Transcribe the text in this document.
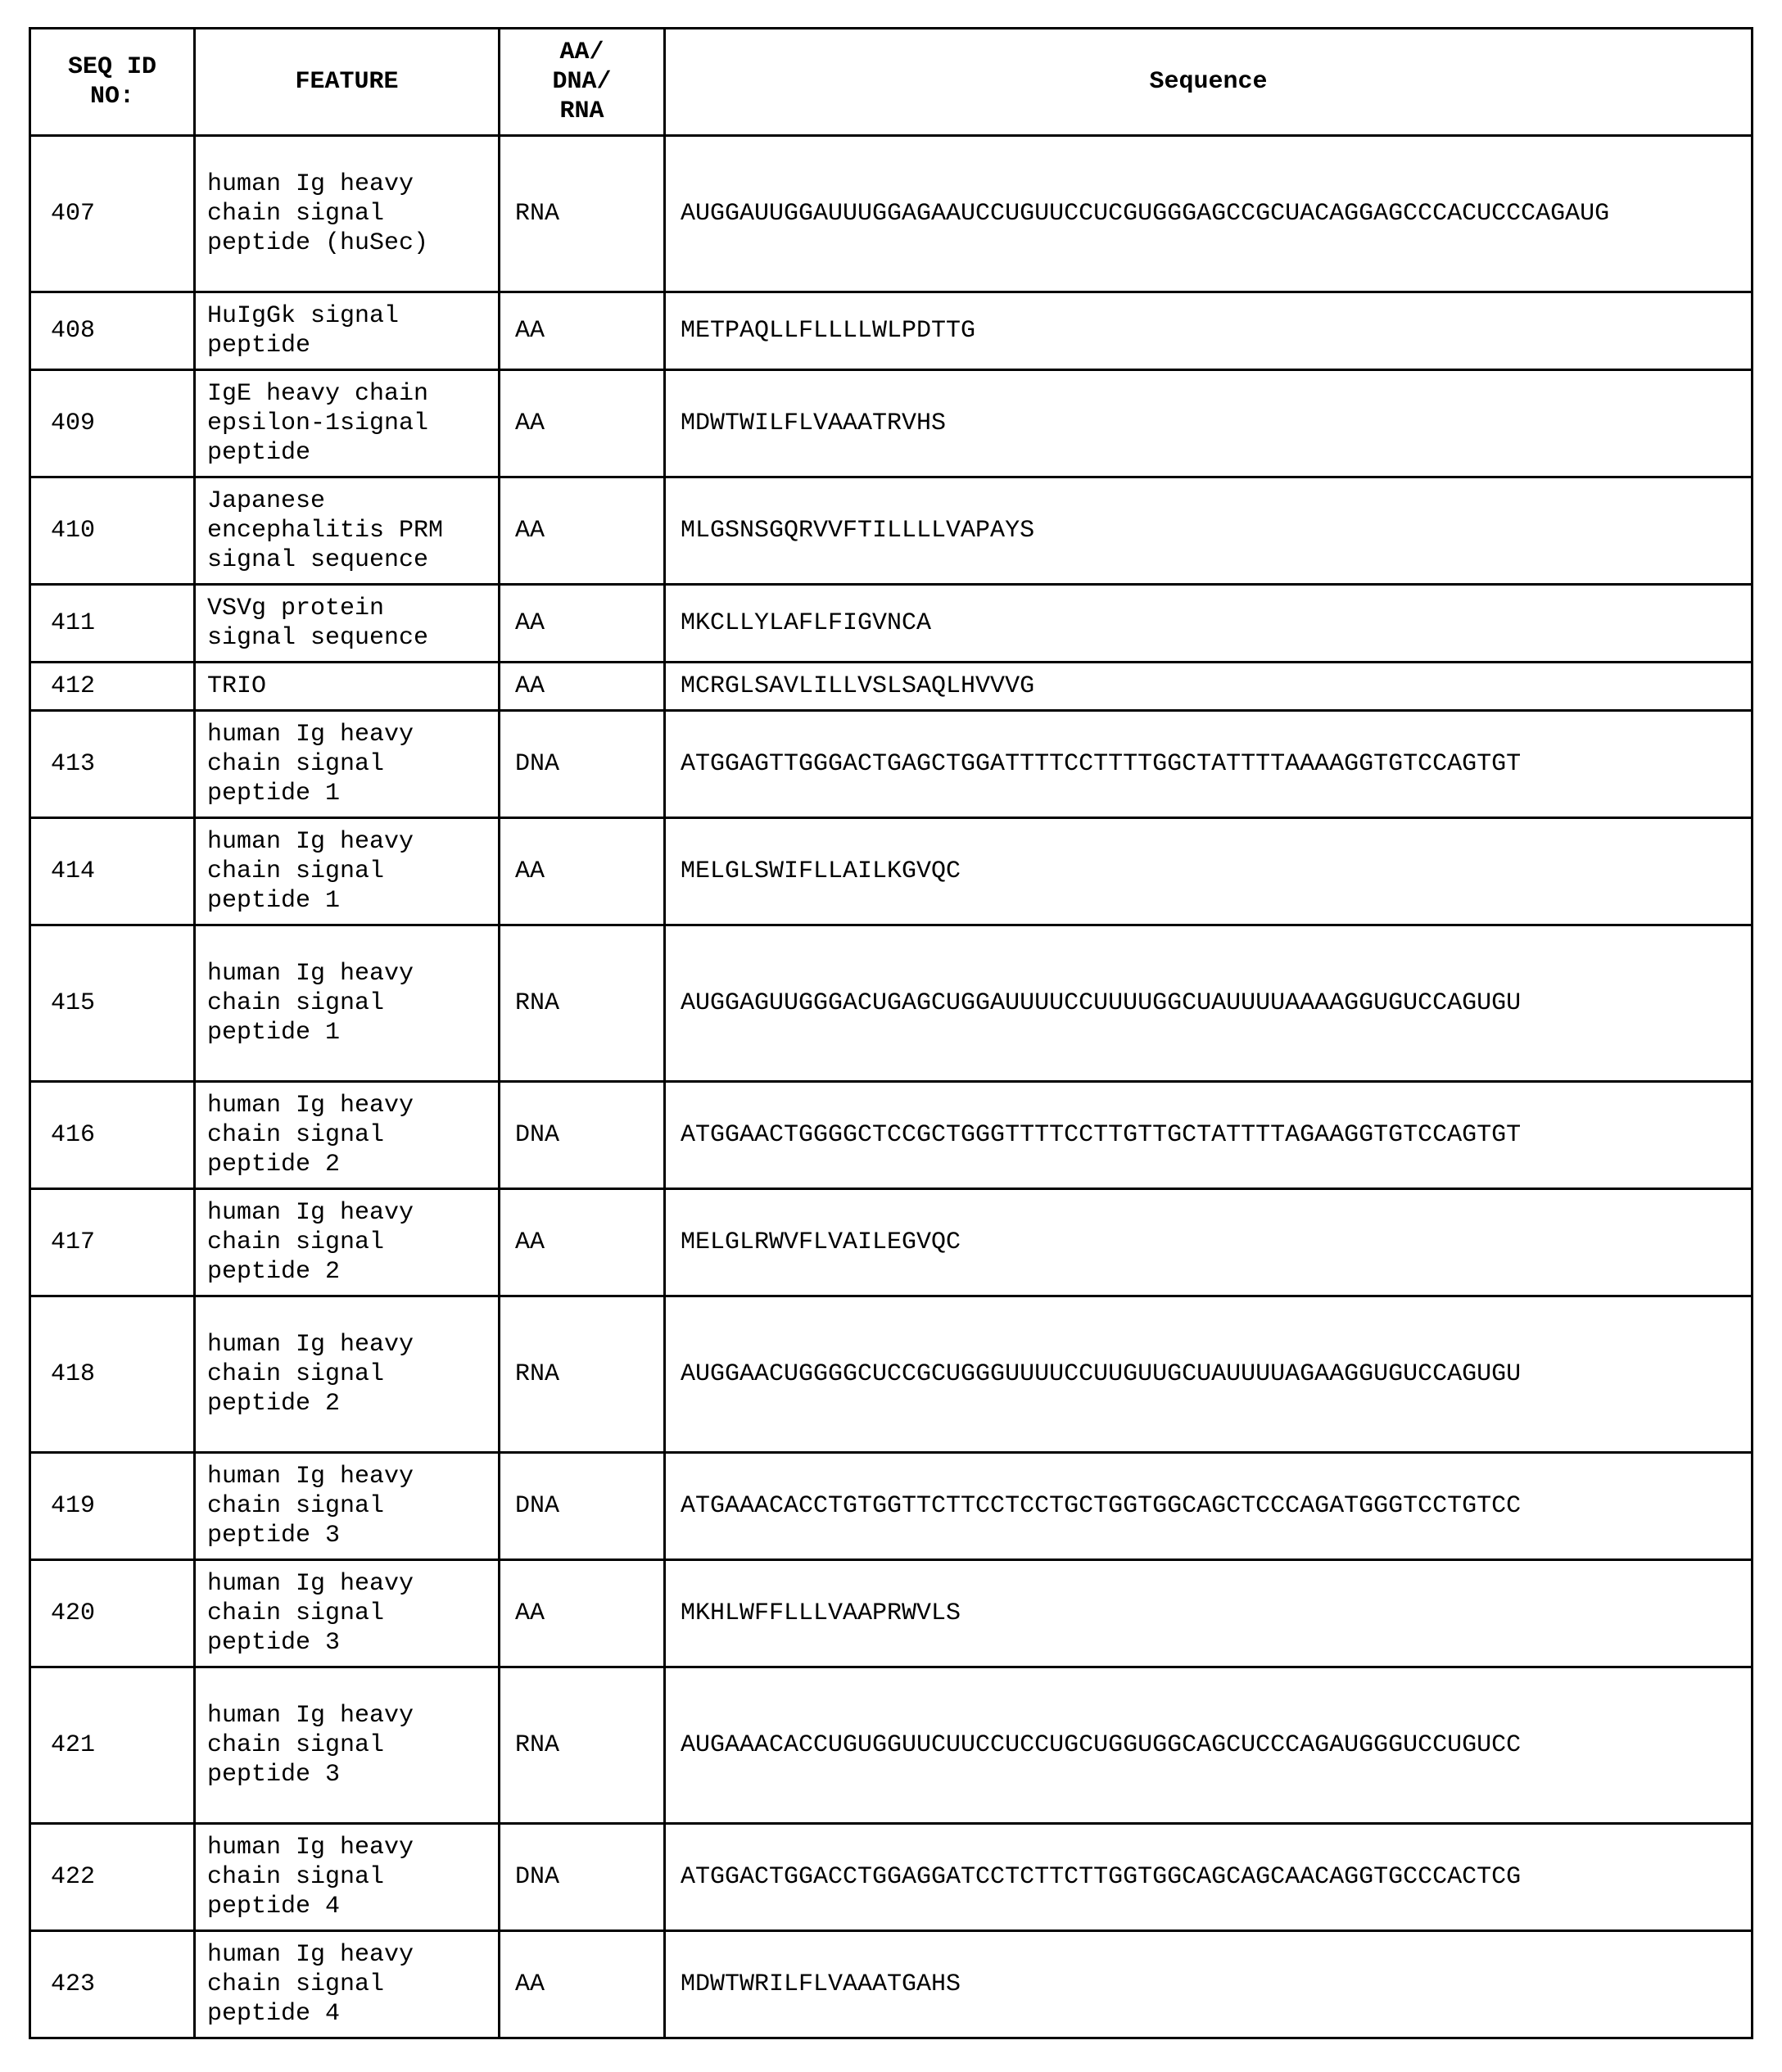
SEQ ID
NO:	FEATURE	AA/
DNA/
RNA	Sequence
407	human Ig heavy
chain signal
peptide (huSec)	RNA	AUGGAUUGGAUUUGGAGAAUCCUGUUCCUCGUGGGAGCCGCUACAGGAGCCCACUCCCAGAUG
408	HuIgGk signal
peptide	AA	METPAQLLFLLLLWLPDTTG
409	IgE heavy chain
epsilon-1signal
peptide	AA	MDWTWILFLVAAATRVHS
410	Japanese
encephalitis PRM
signal sequence	AA	MLGSNSGQRVVFTILLLLVAPAYS
411	VSVg protein
signal sequence	AA	MKCLLYLAFLFIGVNCA
412	TRIO	AA	MCRGLSAVLILLVSLSAQLHVVVG
413	human Ig heavy
chain signal
peptide 1	DNA	ATGGAGTTGGGACTGAGCTGGATTTTCCTTTTGGCTATTTTAAAAGGTGTCCAGTGT
414	human Ig heavy
chain signal
peptide 1	AA	MELGLSWIFLLAILKGVQC
415	human Ig heavy
chain signal
peptide 1	RNA	AUGGAGUUGGGACUGAGCUGGAUUUUCCUUUUGGCUAUUUUAAAAGGUGUCCAGUGU
416	human Ig heavy
chain signal
peptide 2	DNA	ATGGAACTGGGGCTCCGCTGGGTTTTCCTTGTTGCTATTTTAGAAGGTGTCCAGTGT
417	human Ig heavy
chain signal
peptide 2	AA	MELGLRWVFLVAILEGVQC
418	human Ig heavy
chain signal
peptide 2	RNA	AUGGAACUGGGGCUCCGCUGGGUUUUCCUUGUUGCUAUUUUAGAAGGUGUCCAGUGU
419	human Ig heavy
chain signal
peptide 3	DNA	ATGAAACACCTGTGGTTCTTCCTCCTGCTGGTGGCAGCTCCCAGATGGGTCCTGTCC
420	human Ig heavy
chain signal
peptide 3	AA	MKHLWFFLLLVAAPRWVLS
421	human Ig heavy
chain signal
peptide 3	RNA	AUGAAACACCUGUGGUUCUUCCUCCUGCUGGUGGCAGCUCCCAGAUGGGUCCUGUCC
422	human Ig heavy
chain signal
peptide 4	DNA	ATGGACTGGACCTGGAGGATCCTCTTCTTGGTGGCAGCAGCAACAGGTGCCCACTCG
423	human Ig heavy
chain signal
peptide 4	AA	MDWTWRILFLVAAATGAHS
